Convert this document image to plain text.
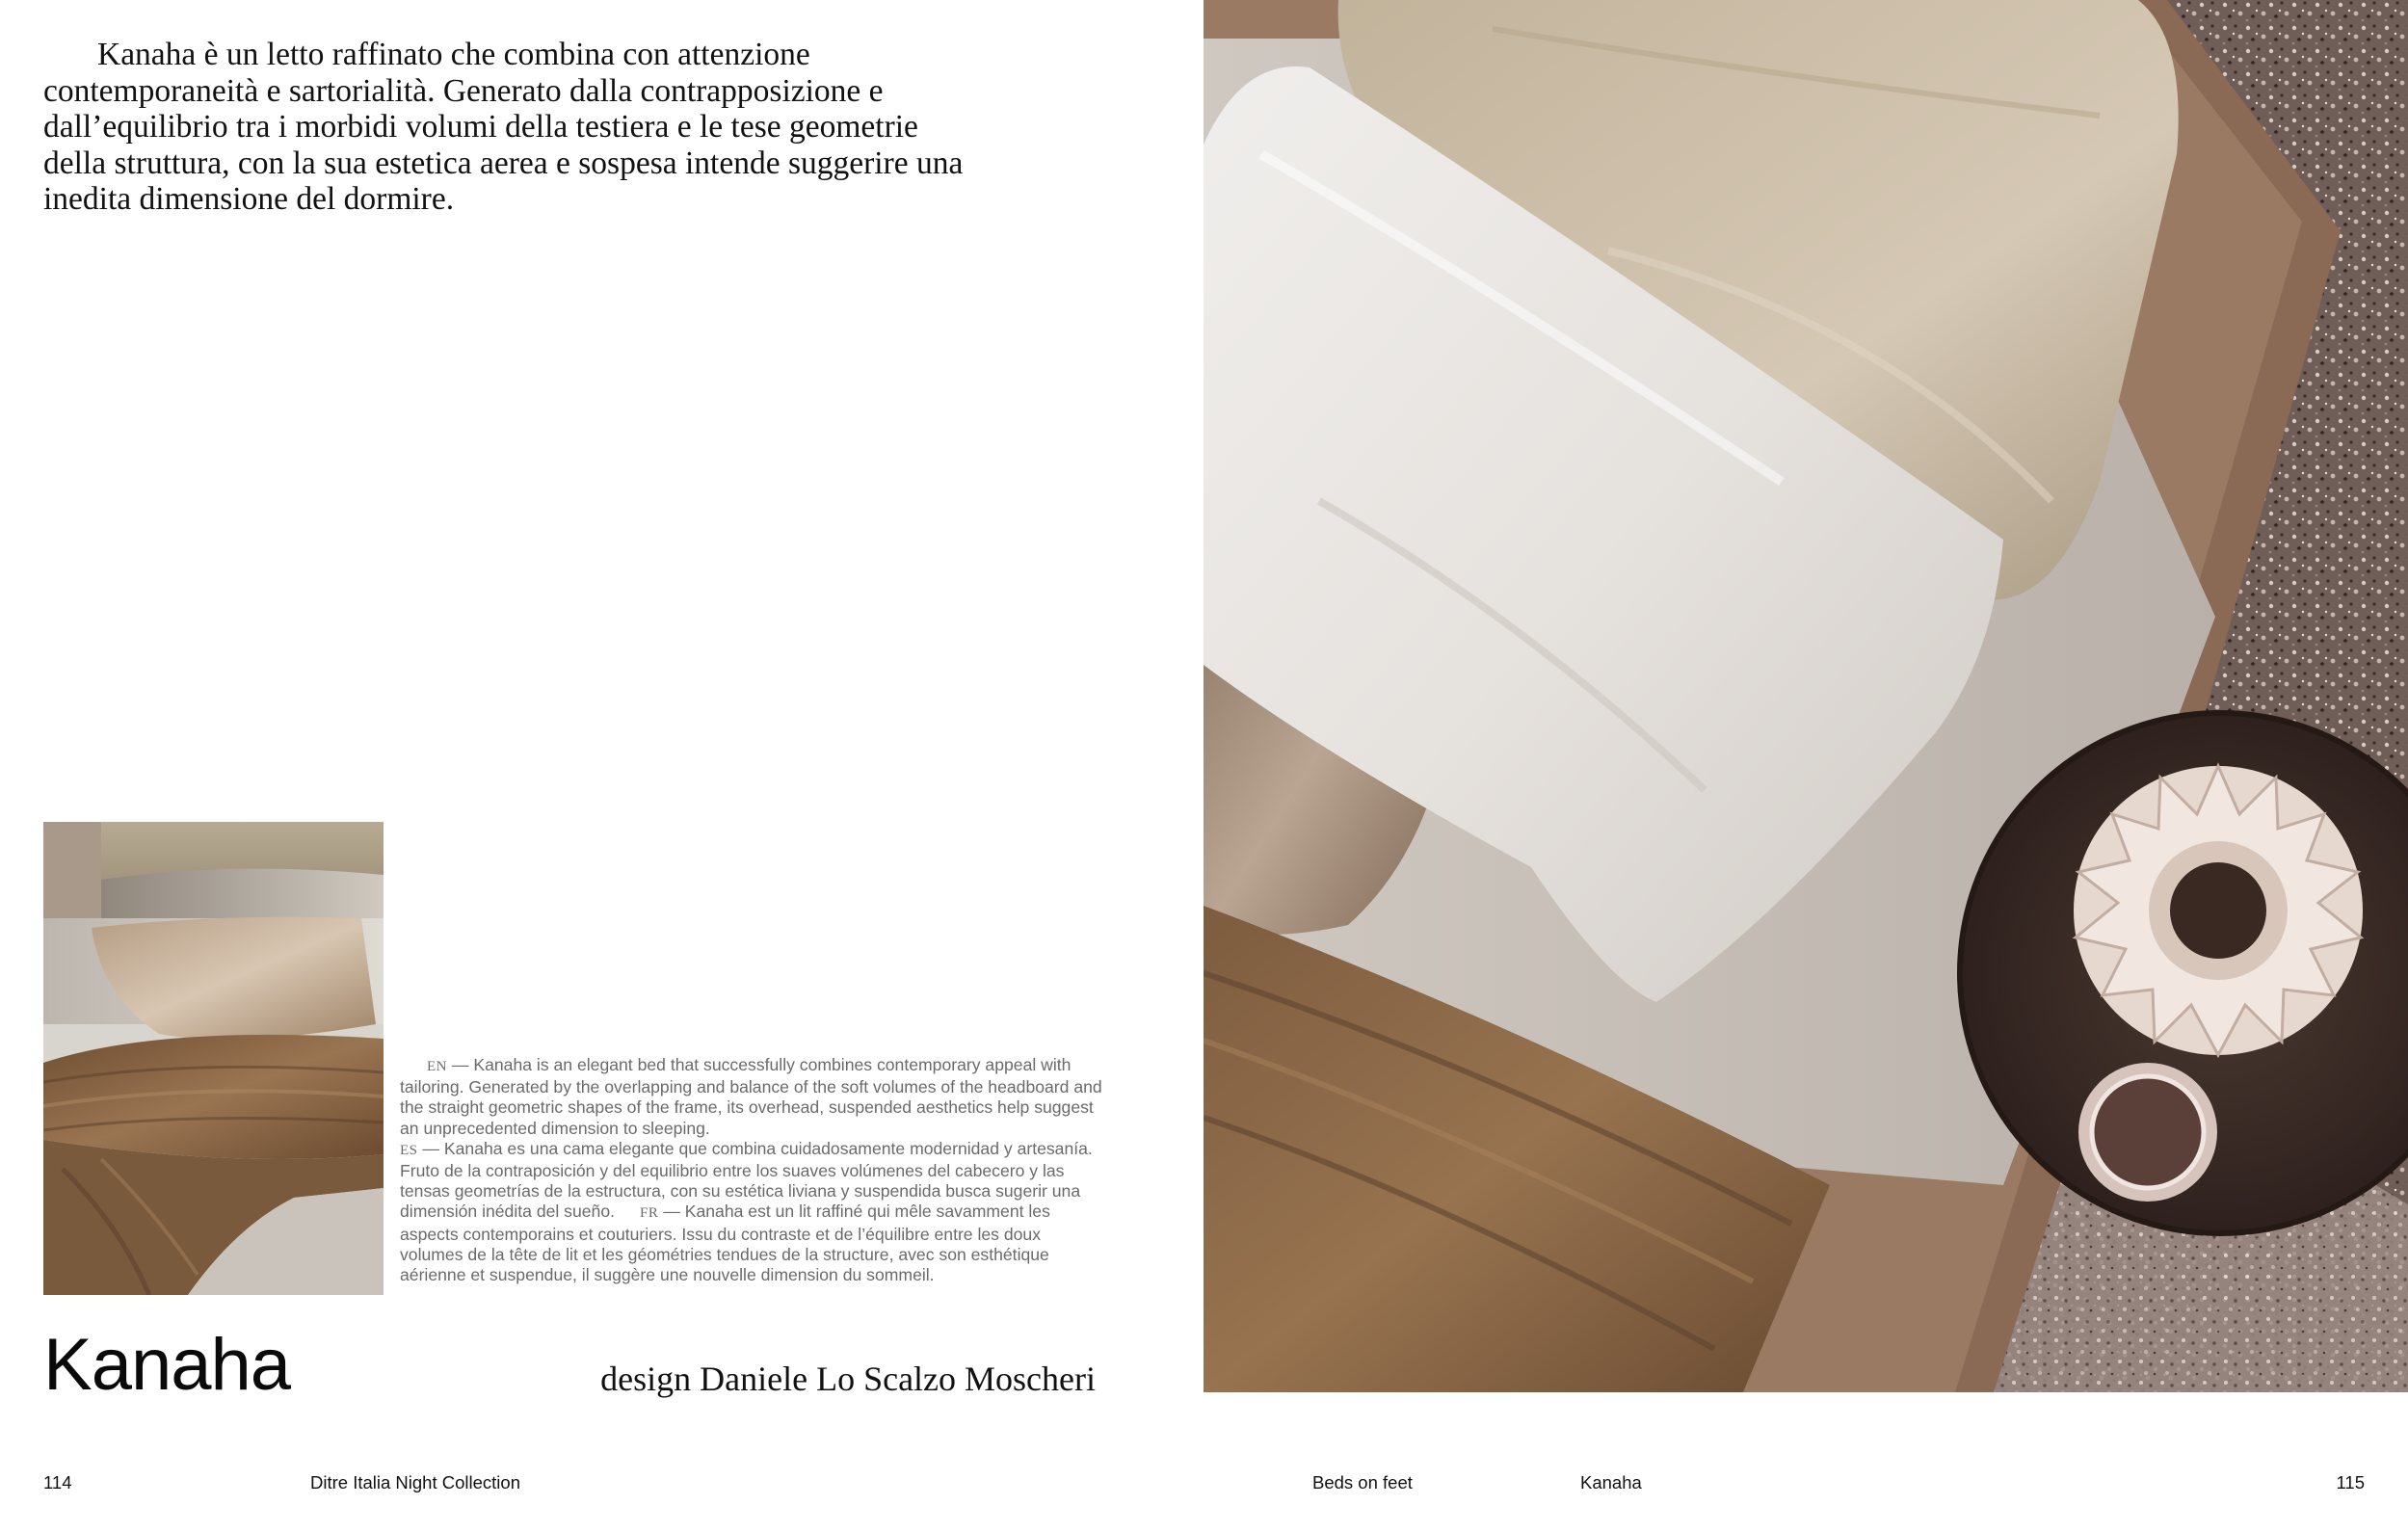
Kanaha è un letto raffinato che combina con attenzione contemporaneità e sartorialità. Generato dalla contrapposizione e dall’equilibrio tra i morbidi volumi della testiera e le tese geometrie della struttura, con la sua estetica aerea e sospesa intende suggerire una inedita dimensione del dormire.

EN — Kanaha is an elegant bed that successfully combines contemporary appeal with tailoring. Generated by the overlapping and balance of the soft volumes of the headboard and the straight geometric shapes of the frame, its overhead, suspended aesthetics help suggest an unprecedented dimension to sleeping.
ES — Kanaha es una cama elegante que combina cuidadosamente modernidad y artesanía. Fruto de la contraposición y del equilibrio entre los suaves volúmenes del cabecero y las tensas geometrías de la estructura, con su estética liviana y suspendida busca sugerir una dimensión inédita del sueño. FR — Kanaha est un lit raffiné qui mêle savamment les aspects contemporains et couturiers. Issu du contraste et de l’équilibre entre les doux volumes de la tête de lit et les géométries tendues de la structure, avec son esthétique aérienne et suspendue, il suggère une nouvelle dimension du sommeil.

Kanaha	design Daniele Lo Scalzo Moscheri
114	Ditre Italia Night Collection	Beds on feet	Kanaha	115
